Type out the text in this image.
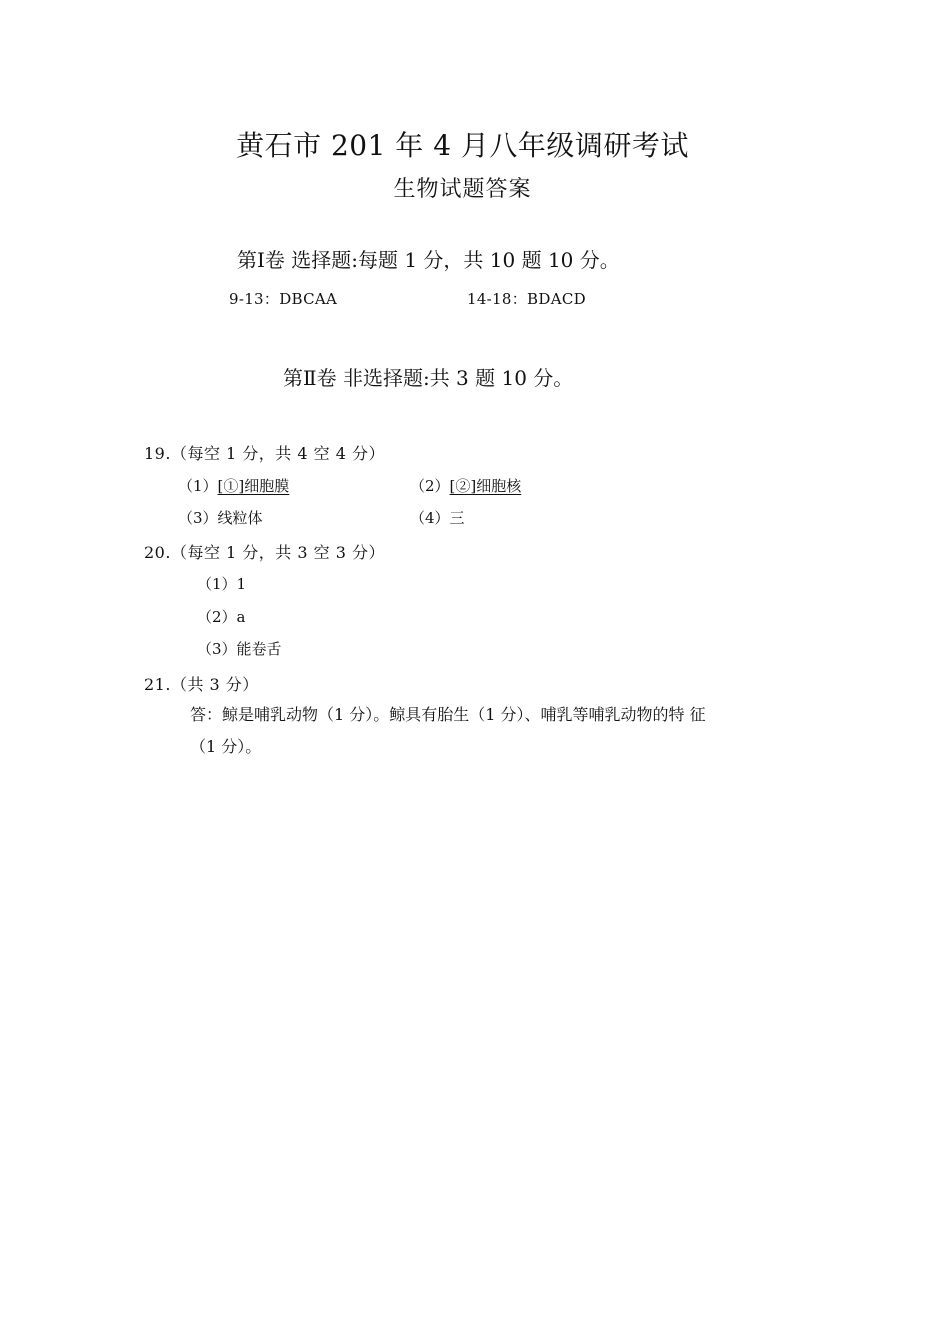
黄石市 201 年 4 月八年级调研考试
生物试题答案
第Ⅰ卷 选择题:每题 1 分，共 10 题 10 分。
9-13：DBCAA	14-18：BDACD
第Ⅱ卷 非选择题:共 3 题 10 分。
19.（每空 1 分，共 4 空 4 分）
（1）[①]细胞膜	（2）[②]细胞核
（3）线粒体	（4）三
20.（每空 1 分，共 3 空 3 分）
（1）1
（2）a
（3）能卷舌
21.（共 3 分）
答：鲸是哺乳动物（1 分）。鲸具有胎生（1 分）、哺乳等哺乳动物的特 征
（1 分）。
